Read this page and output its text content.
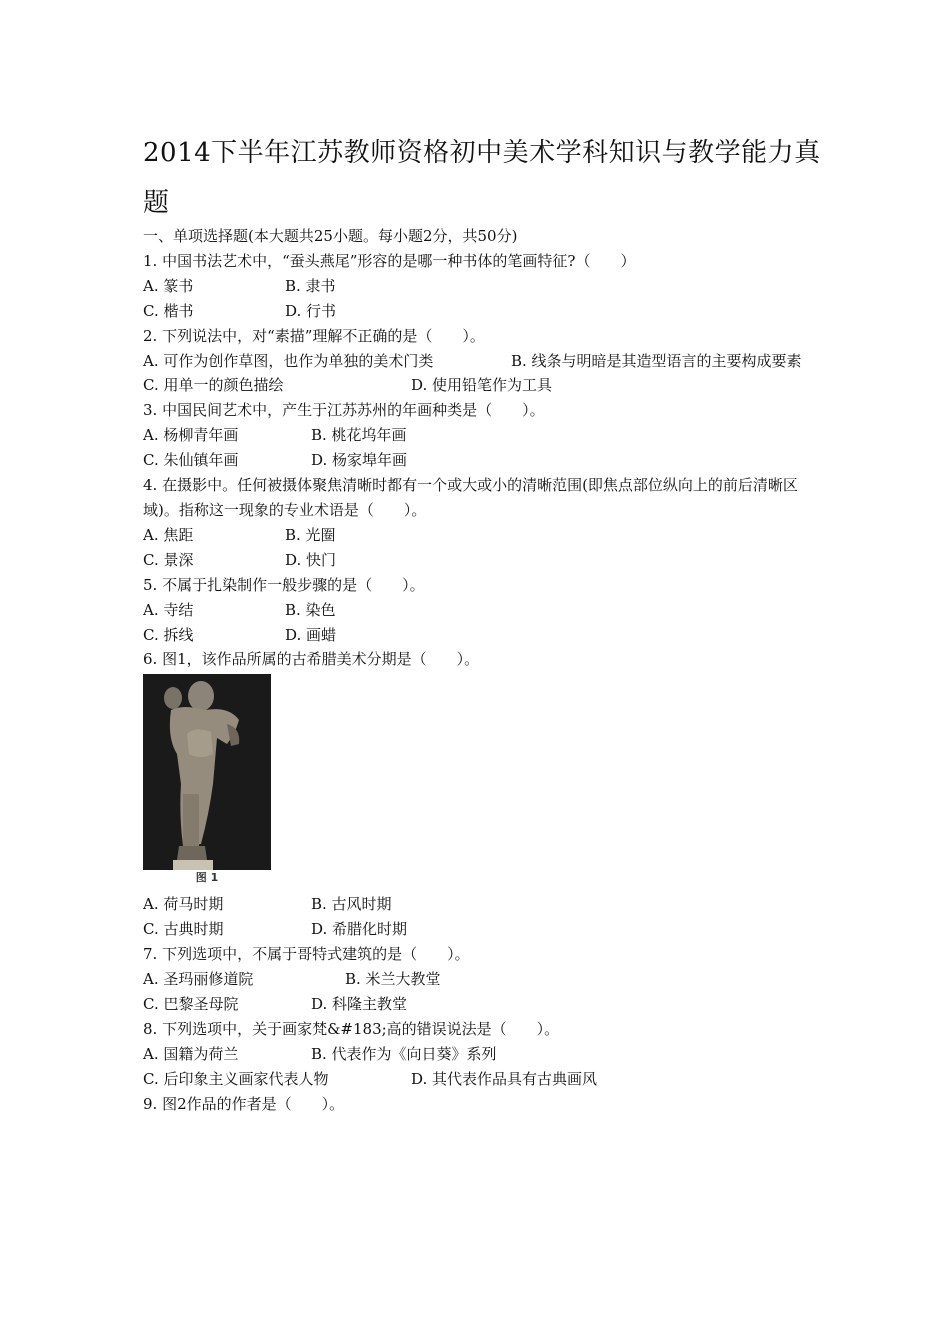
2014下半年江苏教师资格初中美术学科知识与教学能力真题
一、单项选择题(本大题共25小题。每小题2分，共50分)
1. 中国书法艺术中，“蚕头燕尾”形容的是哪一种书体的笔画特征?（　　）
A. 篆书	B. 隶书
C. 楷书	D. 行书
2. 下列说法中，对“素描”理解不正确的是（　　）。
A. 可作为创作草图，也作为单独的美术门类	B. 线条与明暗是其造型语言的主要构成要素
C. 用单一的颜色描绘	D. 使用铅笔作为工具
3. 中国民间艺术中，产生于江苏苏州的年画种类是（　　）。
A. 杨柳青年画	B. 桃花坞年画
C. 朱仙镇年画	D. 杨家埠年画
4. 在摄影中。任何被摄体聚焦清晰时都有一个或大或小的清晰范围(即焦点部位纵向上的前后清晰区域)。指称这一现象的专业术语是（　　）。
A. 焦距	B. 光圈
C. 景深	D. 快门
5. 不属于扎染制作一般步骤的是（　　）。
A. 寺结	B. 染色
C. 拆线	D. 画蜡
6. 图1，该作品所属的古希腊美术分期是（　　）。
图 1
A. 荷马时期	B. 古风时期
C. 古典时期	D. 希腊化时期
7. 下列选项中，不属于哥特式建筑的是（　　）。
A. 圣玛丽修道院	B. 米兰大教堂
C. 巴黎圣母院	D. 科隆主教堂
8. 下列选项中，关于画家梵&#183;高的错误说法是（　　）。
A. 国籍为荷兰	B. 代表作为《向日葵》系列
C. 后印象主义画家代表人物	D. 其代表作品具有古典画风
9. 图2作品的作者是（　　）。
